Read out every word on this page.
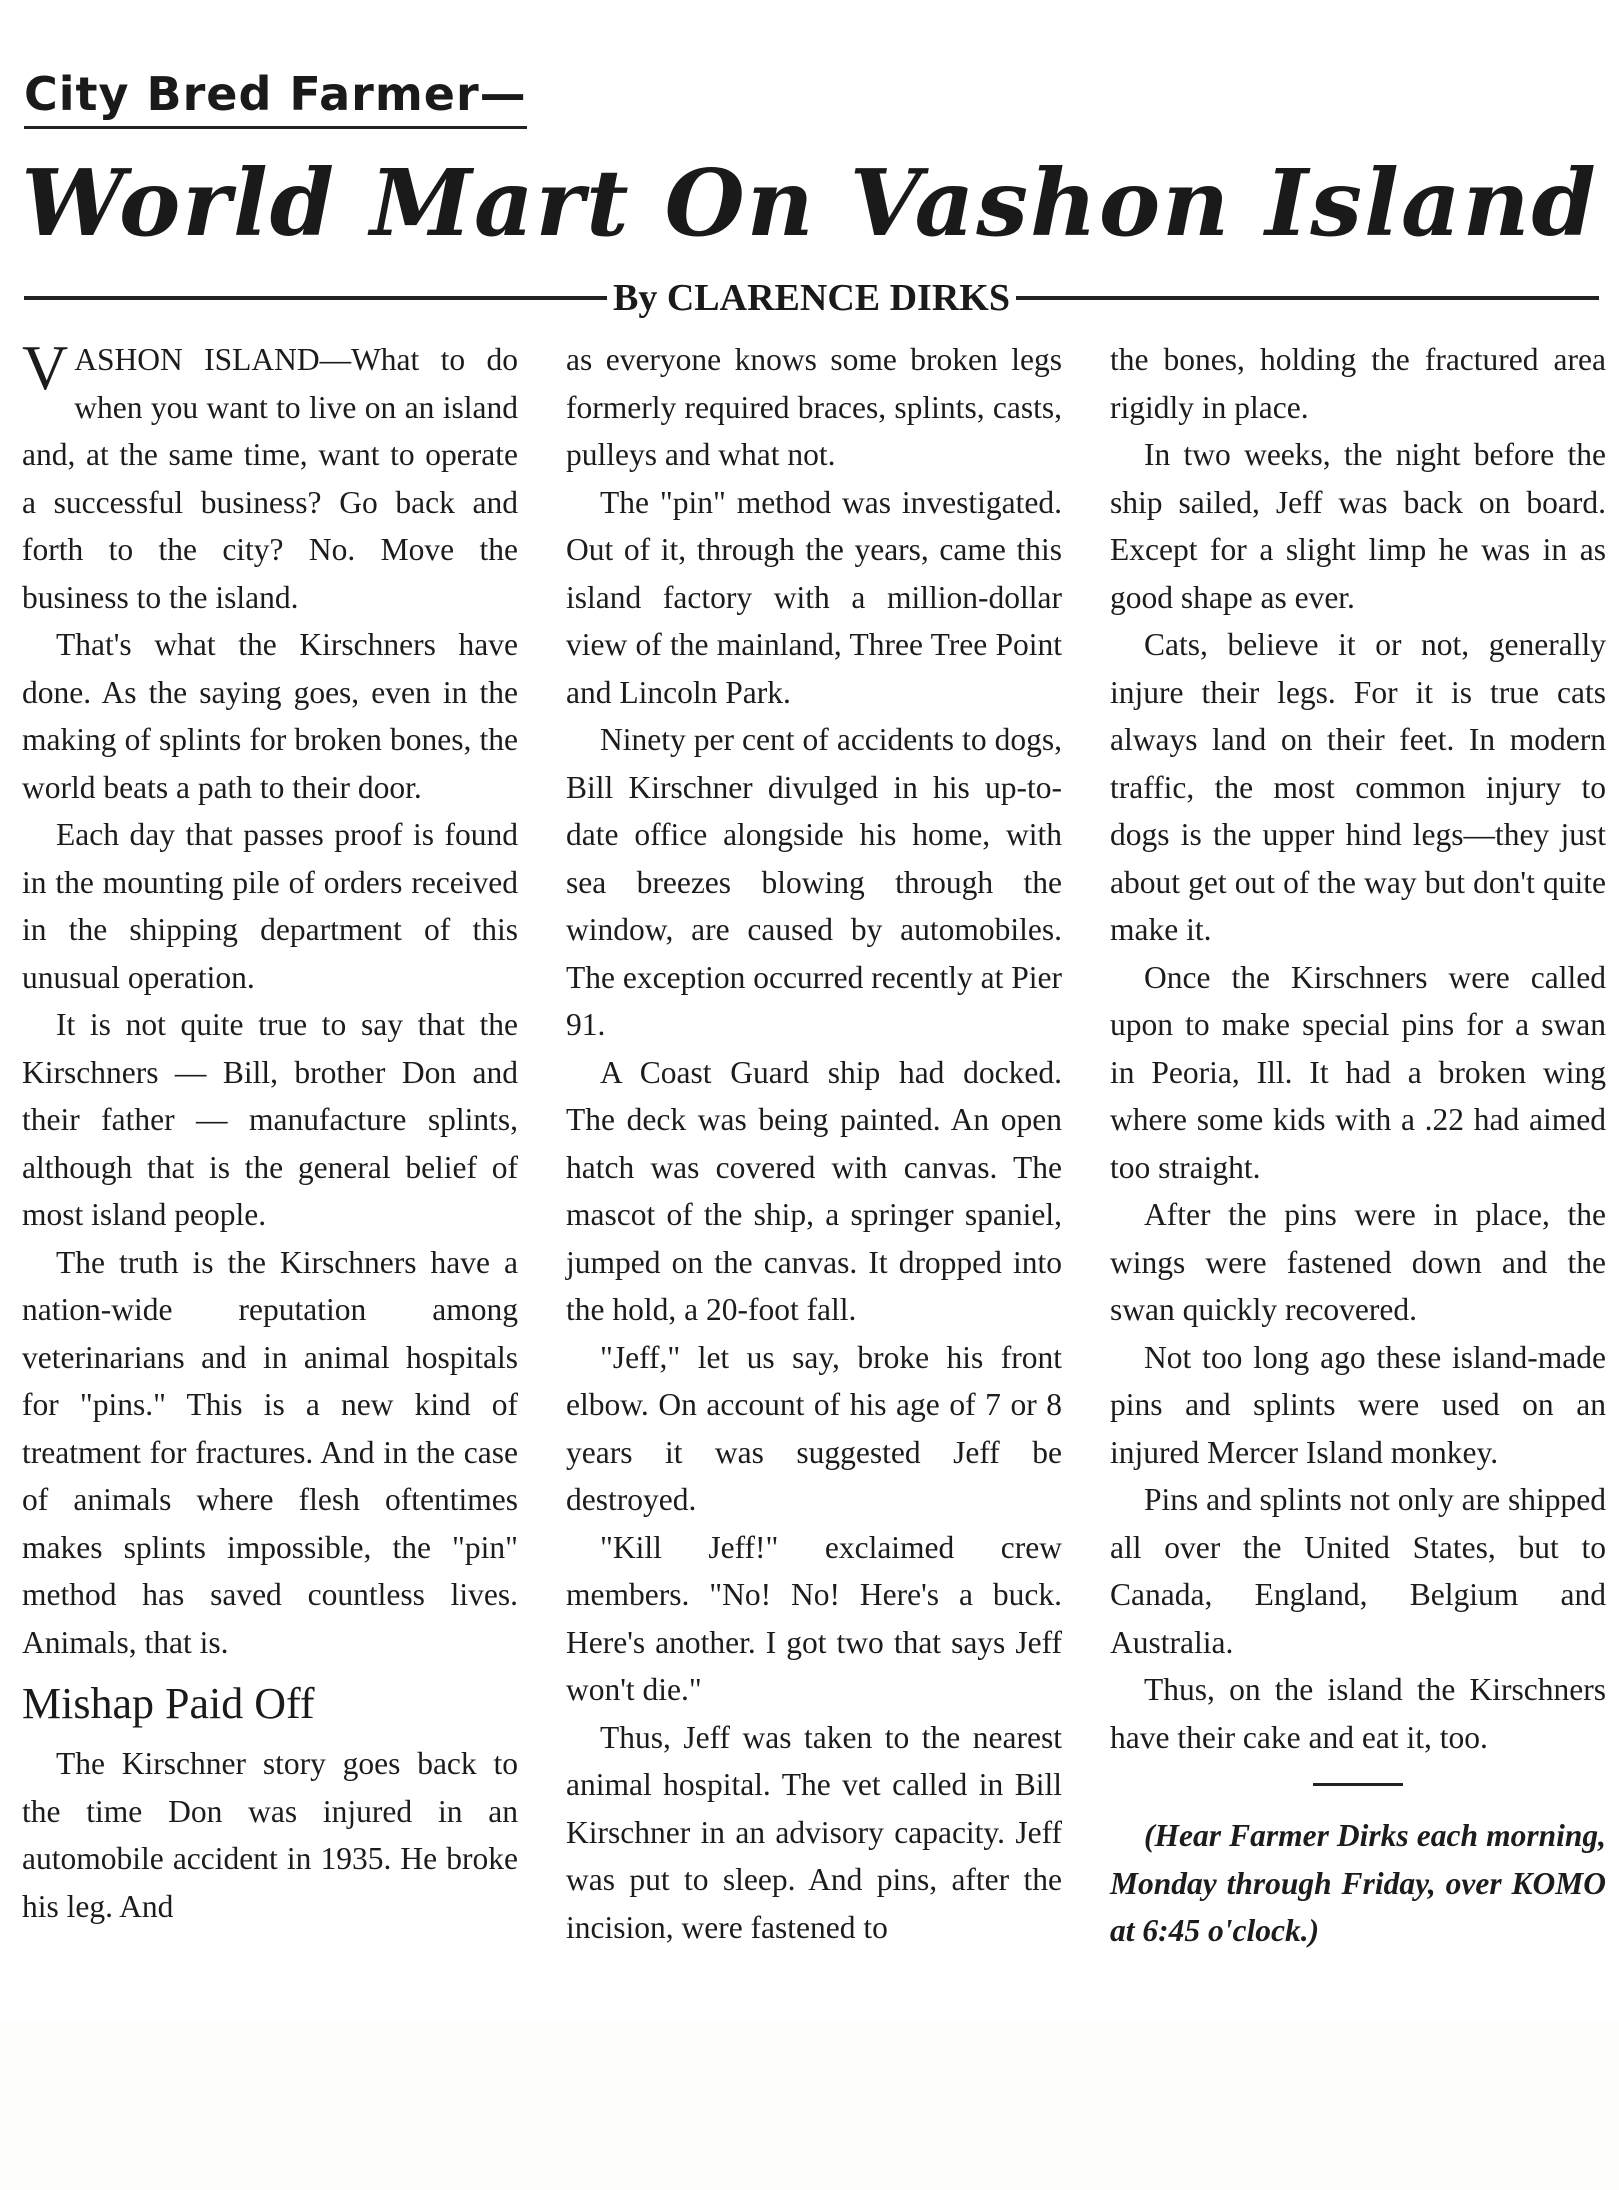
City Bred Farmer—
World Mart On Vashon Island
By CLARENCE DIRKS

VASHON ISLAND—What to do when you want to live on an island and, at the same time, want to operate a successful business? Go back and forth to the city? No. Move the business to the island.

That's what the Kirschners have done. As the saying goes, even in the making of splints for broken bones, the world beats a path to their door.

Each day that passes proof is found in the mounting pile of orders received in the shipping department of this unusual operation.

It is not quite true to say that the Kirschners — Bill, brother Don and their father — manufacture splints, although that is the general belief of most island people.

The truth is the Kirschners have a nation-wide reputation among veterinarians and in animal hospitals for "pins." This is a new kind of treatment for fractures. And in the case of animals where flesh oftentimes makes splints impossible, the "pin" method has saved countless lives. Animals, that is.

Mishap Paid Off

The Kirschner story goes back to the time Don was injured in an automobile accident in 1935. He broke his leg. And

as everyone knows some broken legs formerly required braces, splints, casts, pulleys and what not.

The "pin" method was investigated. Out of it, through the years, came this island factory with a million-dollar view of the mainland, Three Tree Point and Lincoln Park.

Ninety per cent of accidents to dogs, Bill Kirschner divulged in his up-to-date office alongside his home, with sea breezes blowing through the window, are caused by automobiles. The exception occurred recently at Pier 91.

A Coast Guard ship had docked. The deck was being painted. An open hatch was covered with canvas. The mascot of the ship, a springer spaniel, jumped on the canvas. It dropped into the hold, a 20-foot fall.

"Jeff," let us say, broke his front elbow. On account of his age of 7 or 8 years it was suggested Jeff be destroyed.

"Kill Jeff!" exclaimed crew members. "No! No! Here's a buck. Here's another. I got two that says Jeff won't die."

Thus, Jeff was taken to the nearest animal hospital. The vet called in Bill Kirschner in an advisory capacity. Jeff was put to sleep. And pins, after the incision, were fastened to

the bones, holding the fractured area rigidly in place.

In two weeks, the night before the ship sailed, Jeff was back on board. Except for a slight limp he was in as good shape as ever.

Cats, believe it or not, generally injure their legs. For it is true cats always land on their feet. In modern traffic, the most common injury to dogs is the upper hind legs—they just about get out of the way but don't quite make it.

Once the Kirschners were called upon to make special pins for a swan in Peoria, Ill. It had a broken wing where some kids with a .22 had aimed too straight.

After the pins were in place, the wings were fastened down and the swan quickly recovered.

Not too long ago these island-made pins and splints were used on an injured Mercer Island monkey.

Pins and splints not only are shipped all over the United States, but to Canada, England, Belgium and Australia.

Thus, on the island the Kirschners have their cake and eat it, too.

(Hear Farmer Dirks each morning, Monday through Friday, over KOMO at 6:45 o'clock.)
